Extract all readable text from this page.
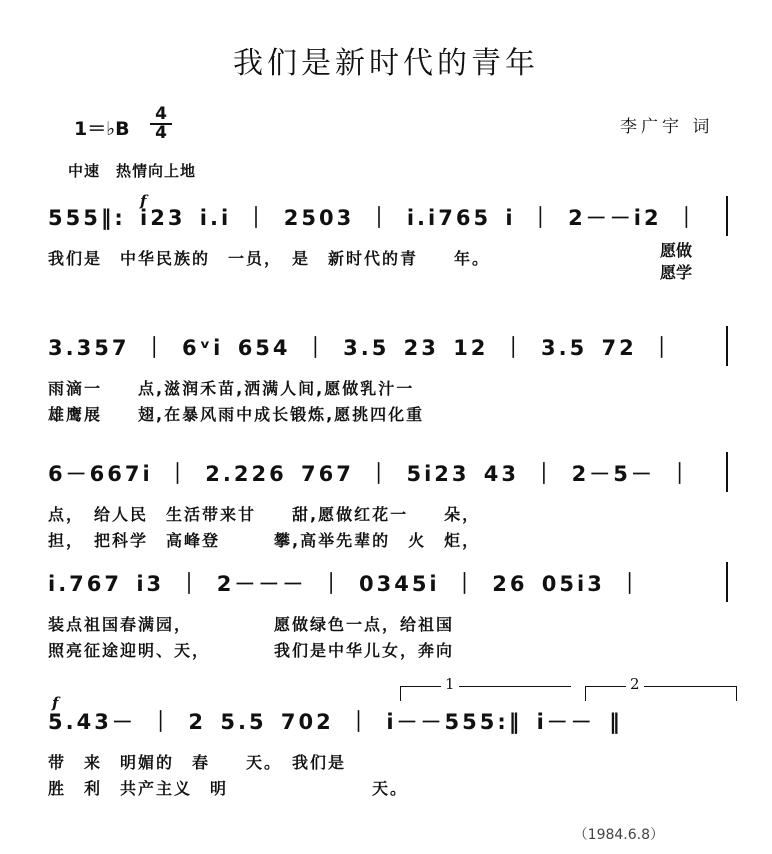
我们是新时代的青年
1＝♭B
4
4	李广宇 词
中速　热情向上地
f
555‖: i23 i.i ｜ 2503 ｜ i.i765 i ｜ 2－－i2 ｜
我们是　中华民族的　一员，　是　新时代的青　　年。	愿做
愿学
3.357 ｜ 6ᵛi 654 ｜ 3.5 23 12 ｜ 3.5 72 ｜
雨滴一　　点,滋润禾苗,洒满人间,愿做乳汁一
雄鹰展　　翅,在暴风雨中成长锻炼,愿挑四化重
6－667i ｜ 2.226 767 ｜ 5i23 43 ｜ 2－5－ ｜
点，　给人民　生活带来甘　　甜,愿做红花一　　朵，
担，　把科学　高峰登　　　攀,高举先辈的　火　炬，
i.767 i3 ｜ 2－－－ ｜ 0345i ｜ 26 05i3 ｜
装点祖国春满园，　　　　　愿做绿色一点，给祖国
照亮征途迎明、天，　　　　我们是中华儿女，奔向
f
1	2
5.43－ ｜ 2 5.5 702 ｜ i－－555:‖ i－－ ‖
带　来　明媚的　春　　天。　我们是
胜　利　共产主义　明　　　　　　　　天。
（1984.6.8）
